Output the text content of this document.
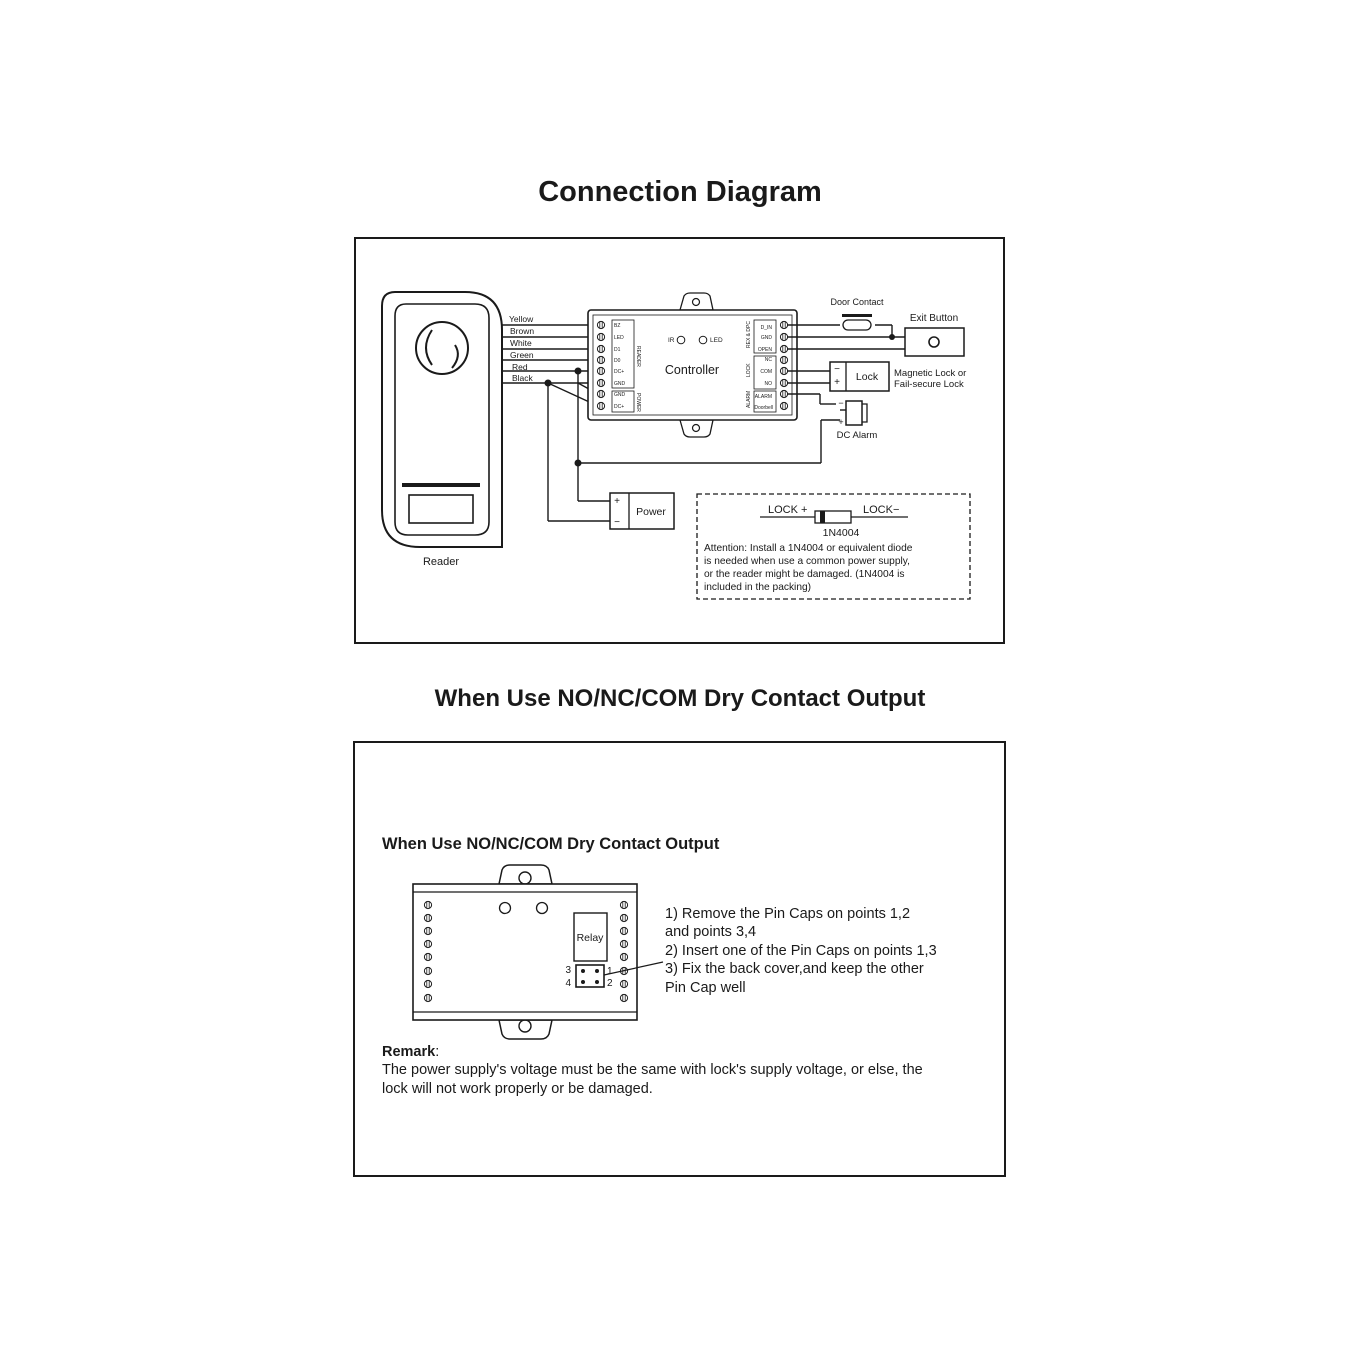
Connection Diagram
When Use NO/NC/COM Dry Contact Output
Reader
Yellow
Brown
White
Green
Red
Black
BZ
LED
D1
D0
DC+
GND
GND
DC+
D_IN
GND
OPEN
NC
COM
NO
ALARM
Doorbell
READER
POWER
REX & DPC
LOCK
ALARM
IR	LED
Controller
Door Contact
Exit Button
−
+ Lock Magnetic Lock or
Fail-secure Lock
−
+
DC Alarm
+
−
Power	LOCK +	LOCK−
1N4004
Attention: Install a 1N4004 or equivalent diode
is needed when use a common power supply,
or the reader might be damaged. (1N4004 is
included in the packing)
When Use NO/NC/COM Dry Contact Output
Relay
3
4
1
2
1) Remove the Pin Caps on points 1,2
and points 3,4
2) Insert one of the Pin Caps on points 1,3
3) Fix the back cover,and keep the other
Pin Cap well
Remark:
The power supply's voltage must be the same with lock's supply voltage, or else, the
lock will not work properly or be damaged.
